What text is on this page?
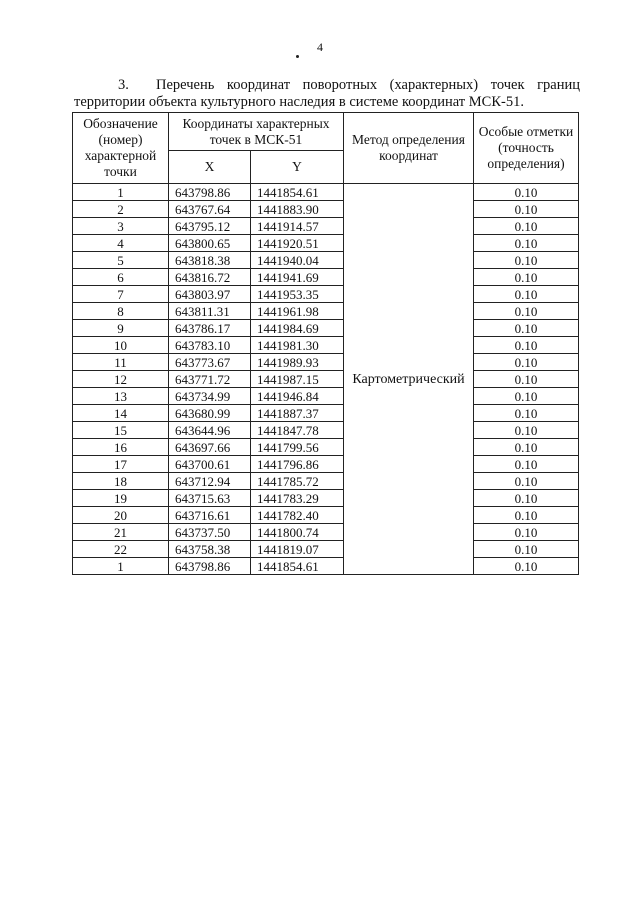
4
3. Перечень координат поворотных (характерных) точек границ
территории объекта культурного наследия в системе координат МСК-51.
Обозначение (номер) характерной точки	Координаты характерных точек в МСК-51		Метод определения координат	Особые отметки (точность определения)
	X	Y		
1	643798.86	1441854.61	Картометрический	0.10
2	643767.64	1441883.90		0.10
3	643795.12	1441914.57		0.10
4	643800.65	1441920.51		0.10
5	643818.38	1441940.04		0.10
6	643816.72	1441941.69		0.10
7	643803.97	1441953.35		0.10
8	643811.31	1441961.98		0.10
9	643786.17	1441984.69		0.10
10	643783.10	1441981.30		0.10
11	643773.67	1441989.93		0.10
12	643771.72	1441987.15		0.10
13	643734.99	1441946.84		0.10
14	643680.99	1441887.37		0.10
15	643644.96	1441847.78		0.10
16	643697.66	1441799.56		0.10
17	643700.61	1441796.86		0.10
18	643712.94	1441785.72		0.10
19	643715.63	1441783.29		0.10
20	643716.61	1441782.40		0.10
21	643737.50	1441800.74		0.10
22	643758.38	1441819.07		0.10
1	643798.86	1441854.61		0.10
